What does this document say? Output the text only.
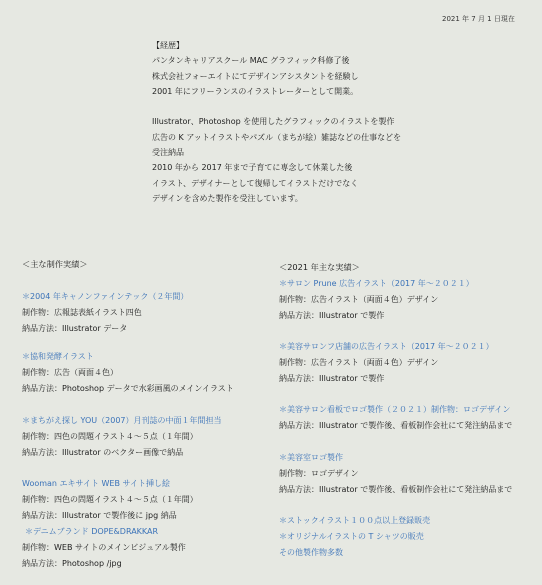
2021 年 7 月 1 日現在
【経歴】
パンタンキャリアスクール MAC グラフィック科修了後
株式会社フォーエイトにてデザインアシスタントを経験し
2001 年にフリーランスのイラストレーターとして開業。
Illustrator、Photoshop を使用したグラフィックのイラストを製作
広告の K アットイラストやパズル（まちが絵）雑誌などの仕事などを
受注納品
2010 年から 2017 年まで子育てに専念して休業した後
イラスト、デザイナーとして復帰してイラストだけでなく
デザインを含めた製作を受注しています。
＜主な制作実績＞
＊2004 年キャノンファインテック（２年間）
制作物：広報誌表紙イラスト四色
納品方法：Illustrator データ
＊協和発酵イラスト
制作物：広告（両面４色）
納品方法：Photoshop データで水彩画風のメインイラスト
＊まちがえ探し YOU（2007）月刊誌の中面１年間担当
制作物：四色の問題イラスト４～５点（１年間）
納品方法：Illustrator のベクター画像で納品
Wooman エキサイト WEB サイト挿し絵
制作物：四色の問題イラスト４～５点（１年間）
納品方法：Illustrator で製作後に jpg 納品
＊デニムブランド DOPE&DRAKKAR
制作物：WEB サイトのメインビジュアル製作
納品方法：Photoshop /jpg
＜2021 年主な実績＞
＊サロン Prune 広告イラスト（2017 年～２０２１）
制作物：広告イラスト（両面４色）デザイン
納品方法：Illustrator で製作
＊美容サロンフ店舗の広告イラスト（2017 年～２０２１）
制作物：広告イラスト（両面４色）デザイン
納品方法：Illustrator で製作
＊美容サロン看板でロゴ製作（２０２１）制作物：ロゴデザイン
納品方法：Illustrator で製作後、看板制作会社にて発注納品まで
＊美容室ロゴ製作
制作物：ロゴデザイン
納品方法：Illustrator で製作後、看板制作会社にて発注納品まで
＊ストックイラスト１００点以上登録販売
＊オリジナルイラストの T シャツの販売
その他製作物多数
